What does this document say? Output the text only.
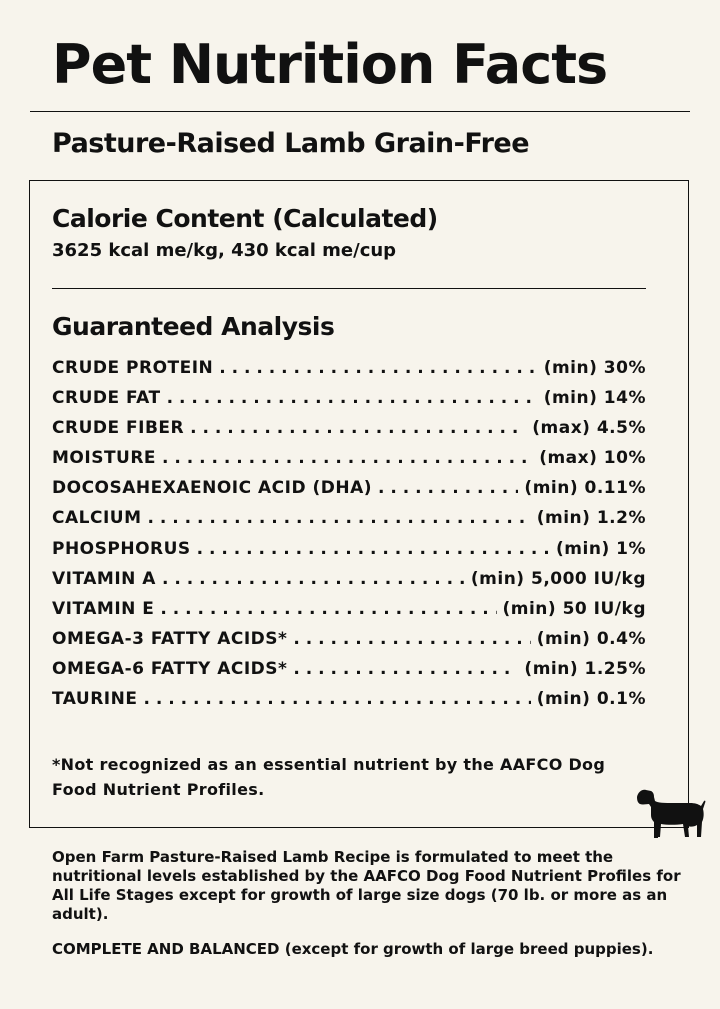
Pet Nutrition Facts
Pasture-Raised Lamb Grain-Free
Calorie Content (Calculated)
3625 kcal me/kg, 430 kcal me/cup
Guaranteed Analysis
CRUDE PROTEIN . . .	(min) 30%
CRUDE FAT . . .	(min) 14%
CRUDE FIBER . . .	(max) 4.5%
MOISTURE . . .	(max) 10%
DOCOSAHEXAENOIC ACID (DHA) . . .	(min) 0.11%
CALCIUM . . .	(min) 1.2%
PHOSPHORUS . . .	(min) 1%
VITAMIN A . . .	(min) 5,000 IU/kg
VITAMIN E . . .	(min) 50 IU/kg
OMEGA-3 FATTY ACIDS* . . .	(min) 0.4%
OMEGA-6 FATTY ACIDS* . . .	(min) 1.25%
TAURINE . . .	(min) 0.1%
*Not recognized as an essential nutrient by the AAFCO Dog Food Nutrient Profiles.
Open Farm Pasture-Raised Lamb Recipe is formulated to meet the nutritional levels established by the AAFCO Dog Food Nutrient Profiles for All Life Stages except for growth of large size dogs (70 lb. or more as an adult).
COMPLETE AND BALANCED (except for growth of large breed puppies).
